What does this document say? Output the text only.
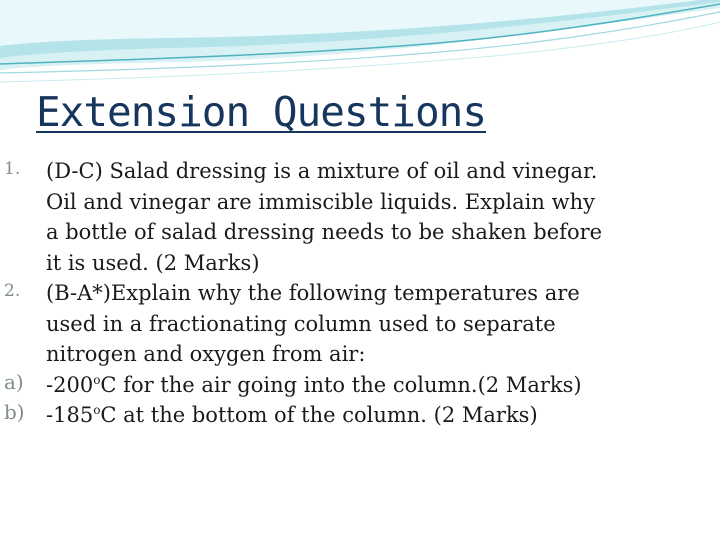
Extension Questions
1. (D-C) Salad dressing is a mixture of oil and vinegar.
Oil and vinegar are immiscible liquids. Explain why
a bottle of salad dressing needs to be shaken before
it is used. (2 Marks)
2. (B-A*)Explain why the following temperatures are
used in a fractionating column used to separate
nitrogen and oxygen from air:
a) -200$^o$C for the air going into the column.(2 Marks)
b) -185$^o$C at the bottom of the column. (2 Marks)
